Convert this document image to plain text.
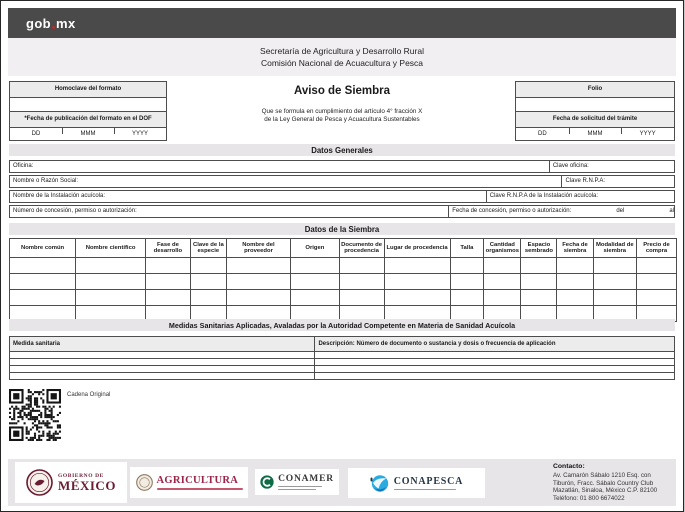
gob mx
Secretaría de Agricultura y Desarrollo Rural
Comisión Nacional de Acuacultura y Pesca
Homoclave del formato
*Fecha de publicación del formato en el DOF
DD	MMM	YYYY
Aviso de Siembra
Que se formula en cumplimiento del artículo 4° fracción X
de la Ley General de Pesca y Acuacultura Sustentables
Folio
Fecha de solicitud del trámite
DD	MMM	YYYY
Datos Generales
Oficina:	Clave oficina:
Nombre o Razón Social:	Clave R.N.P.A:
Nombre de la Instalación acuícola:	Clave R.N.P.A de la Instalación acuícola:
Número de concesión, permiso o autorización:	Fecha de concesión, permiso o autorización:	del	al
Datos de la Siembra
Nombre común	Nombre científico	Fase de desarrollo	Clave de la especie	Nombre del proveedor	Origen	Documento de procedencia	Lugar de procedencia	Talla	Cantidad organismos	Espacio sembrado	Fecha de siembra	Modalidad de siembra	Precio de compra

Medidas Sanitarias Aplicadas, Avaladas por la Autoridad Competente en Materia de Sanidad Acuícola
Medida sanitaria	Descripción: Número de documento o sustancia y dosis o frecuencia de aplicación
Cadena Original
GOBIERNO DE
MÉXICO	AGRICULTURA	CONAMER	CONAPESCA
Contacto:
Av. Camarón Sábalo 1210 Esq. con
Tiburón, Fracc. Sábalo Country Club
Mazatlán, Sinaloa, México C.P. 82100
Teléfono: 01 800 6674022
